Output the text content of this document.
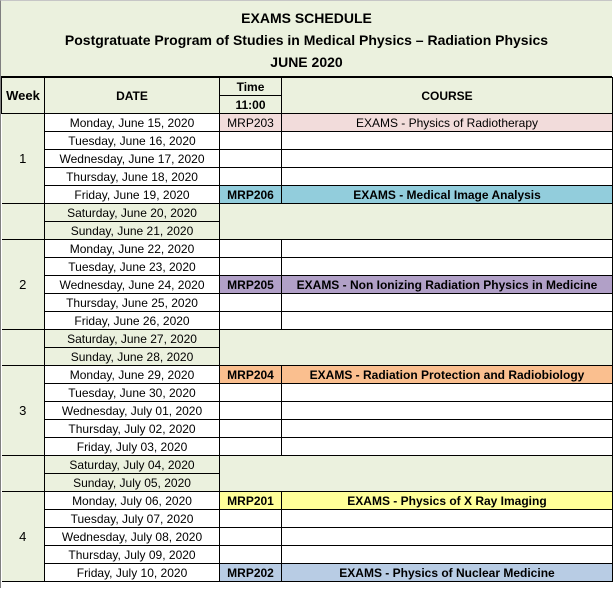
EXAMS SCHEDULE
Postgratuate Program of Studies in Medical Physics – Radiation Physics
JUNE 2020
Week	DATE	Time	COURSE
		11:00	
1	Monday, June 15, 2020	MRP203	EXAMS - Physics of Radiotherapy
	Tuesday, June 16, 2020		
	Wednesday, June 17, 2020		
	Thursday, June 18, 2020		
	Friday, June 19, 2020	MRP206	EXAMS - Medical Image Analysis
	Saturday, June 20, 2020		
	Sunday, June 21, 2020		
2	Monday, June 22, 2020		
	Tuesday, June 23, 2020		
	Wednesday, June 24, 2020	MRP205	EXAMS - Non Ionizing Radiation Physics in Medicine
	Thursday, June 25, 2020		
	Friday, June 26, 2020		
	Saturday, June 27, 2020		
	Sunday, June 28, 2020		
3	Monday, June 29, 2020	MRP204	EXAMS - Radiation Protection and Radiobiology
	Tuesday, June 30, 2020		
	Wednesday, July 01, 2020		
	Thursday, July 02, 2020		
	Friday, July 03, 2020		
	Saturday, July 04, 2020		
	Sunday, July 05, 2020		
4	Monday, July 06, 2020	MRP201	EXAMS - Physics of X Ray Imaging
	Tuesday, July 07, 2020		
	Wednesday, July 08, 2020		
	Thursday, July 09, 2020		
	Friday, July 10, 2020	MRP202	EXAMS - Physics of Nuclear Medicine
